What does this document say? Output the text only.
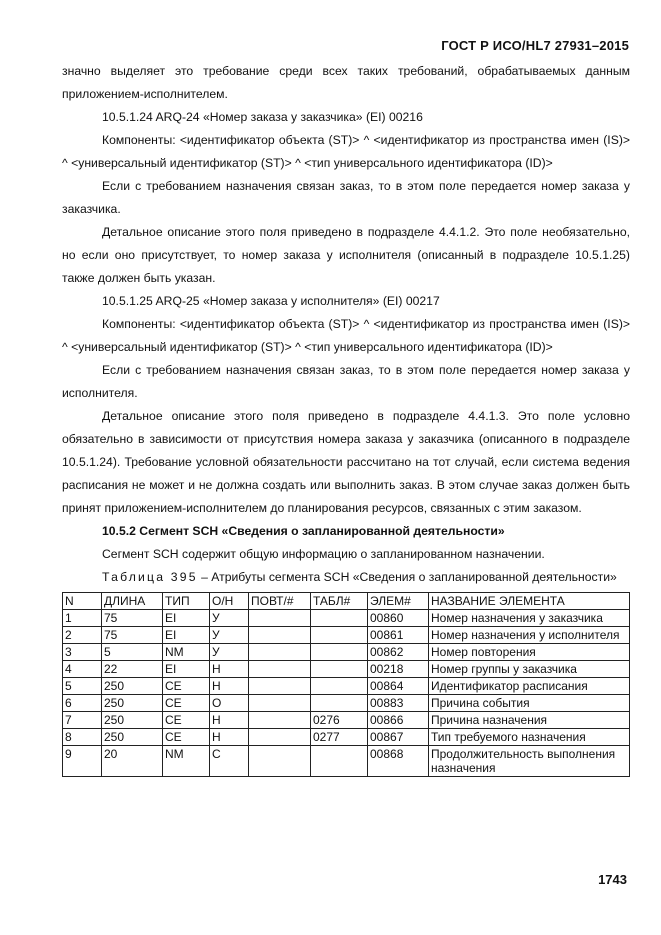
ГОСТ Р ИСО/HL7 27931–2015

значно выделяет это требование среди всех таких требований, обрабатываемых данным приложением-исполнителем.

10.5.1.24 ARQ-24 «Номер заказа у заказчика» (EI) 00216

Компоненты: <идентификатор объекта (ST)> ^ <идентификатор из пространства имен (IS)> ^ <универсальный идентификатор (ST)> ^ <тип универсального идентификатора (ID)>

Если с требованием назначения связан заказ, то в этом поле передается номер заказа у заказчика.

Детальное описание этого поля приведено в подразделе 4.4.1.2. Это поле необязательно, но если оно присутствует, то номер заказа у исполнителя (описанный в подразделе 10.5.1.25) также должен быть указан.

10.5.1.25 ARQ-25 «Номер заказа у исполнителя» (EI) 00217

Компоненты: <идентификатор объекта (ST)> ^ <идентификатор из пространства имен (IS)> ^ <универсальный идентификатор (ST)> ^ <тип универсального идентификатора (ID)>

Если с требованием назначения связан заказ, то в этом поле передается номер заказа у исполнителя.

Детальное описание этого поля приведено в подразделе 4.4.1.3. Это поле условно обязательно в зависимости от присутствия номера заказа у заказчика (описанного в подразделе 10.5.1.24). Требование условной обязательности рассчитано на тот случай, если система ведения расписания не может и не должна создать или выполнить заказ. В этом случае заказ должен быть принят приложением-исполнителем до планирования ресурсов, связанных с этим заказом.

10.5.2 Сегмент SCH «Сведения о запланированной деятельности»

Сегмент SCH содержит общую информацию о запланированном назначении.

Таблица 395 – Атрибуты сегмента SCH «Сведения о запланированной деятельности»

N	ДЛИНА	ТИП	О/Н	ПОВТ/#	ТАБЛ#	ЭЛЕМ#	НАЗВАНИЕ ЭЛЕМЕНТА
1	75	EI	У			00860	Номер назначения у заказчика
2	75	EI	У			00861	Номер назначения у исполнителя
3	5	NM	У			00862	Номер повторения
4	22	EI	Н			00218	Номер группы у заказчика
5	250	CE	Н			00864	Идентификатор расписания
6	250	CE	О			00883	Причина события
7	250	CE	Н		0276	00866	Причина назначения
8	250	CE	Н		0277	00867	Тип требуемого назначения
9	20	NM	С			00868	Продолжительность выполнения назначения
1743
